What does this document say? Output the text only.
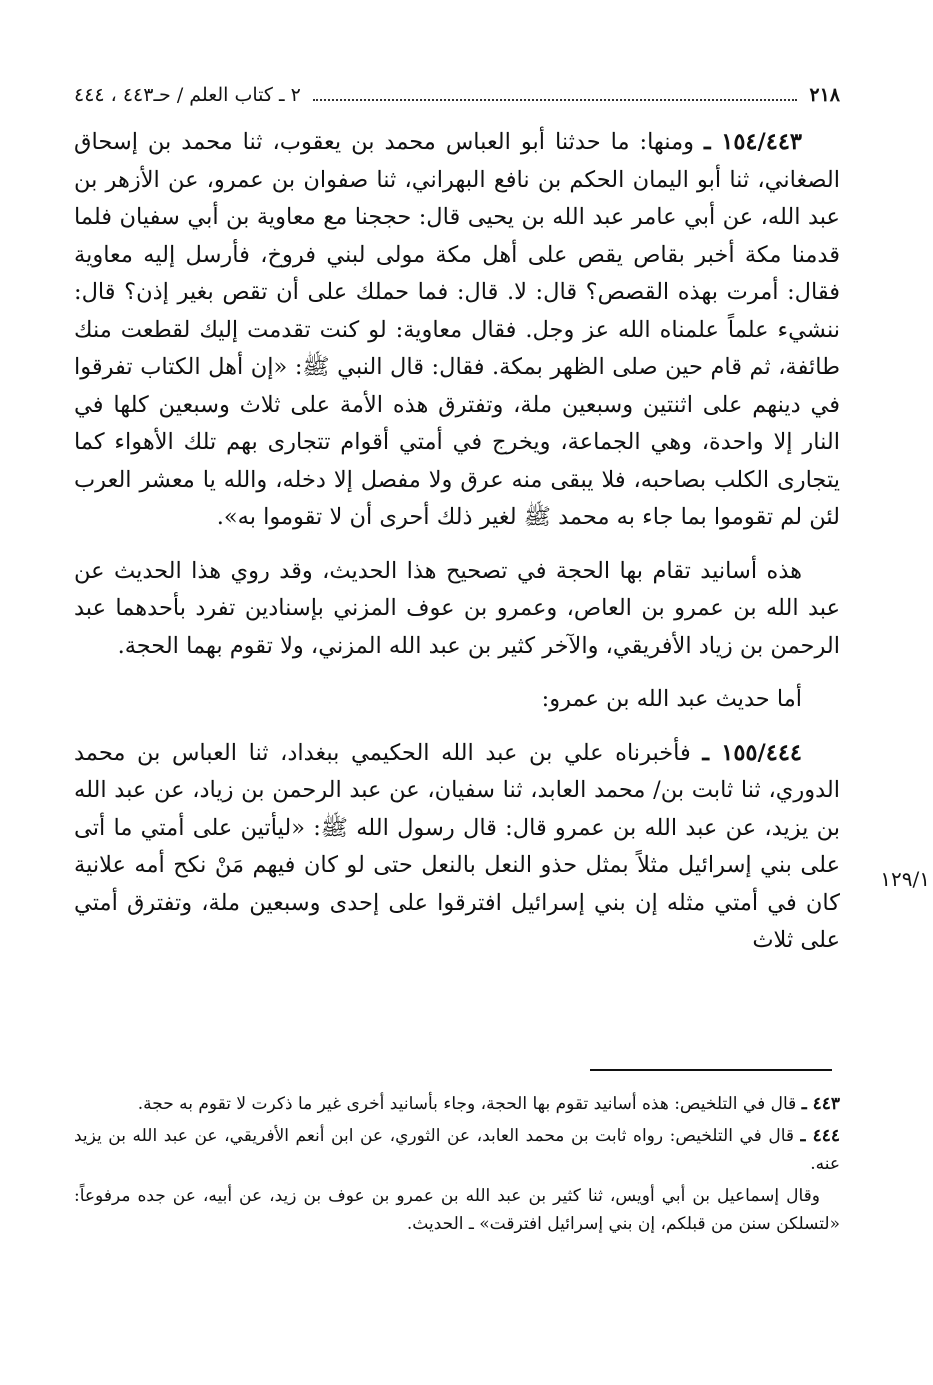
٢١٨
٢ ـ كتاب العلم / حـ٤٤٣ ، ٤٤٤

١٥٤/٤٤٣ ـ ومنها: ما حدثنا أبو العباس محمد بن يعقوب، ثنا محمد بن إسحاق الصغاني، ثنا أبو اليمان الحكم بن نافع البهراني، ثنا صفوان بن عمرو، عن الأزهر بن عبد الله، عن أبي عامر عبد الله بن يحيى قال: حججنا مع معاوية بن أبي سفيان فلما قدمنا مكة أخبر بقاص يقص على أهل مكة مولى لبني فروخ، فأرسل إليه معاوية فقال: أمرت بهذه القصص؟ قال: لا. قال: فما حملك على أن تقص بغير إذن؟ قال: ننشيء علماً علمناه الله عز وجل. فقال معاوية: لو كنت تقدمت إليك لقطعت منك طائفة، ثم قام حين صلى الظهر بمكة. فقال: قال النبي ﷺ: «إن أهل الكتاب تفرقوا في دينهم على اثنتين وسبعين ملة، وتفترق هذه الأمة على ثلاث وسبعين كلها في النار إلا واحدة، وهي الجماعة، ويخرج في أمتي أقوام تتجارى بهم تلك الأهواء كما يتجارى الكلب بصاحبه، فلا يبقى منه عرق ولا مفصل إلا دخله، والله يا معشر العرب لئن لم تقوموا بما جاء به محمد ﷺ لغير ذلك أحرى أن لا تقوموا به».

هذه أسانيد تقام بها الحجة في تصحيح هذا الحديث، وقد روي هذا الحديث عن عبد الله بن عمرو بن العاص، وعمرو بن عوف المزني بإسنادين تفرد بأحدهما عبد الرحمن بن زياد الأفريقي، والآخر كثير بن عبد الله المزني، ولا تقوم بهما الحجة.

أما حديث عبد الله بن عمرو:

١٥٥/٤٤٤ ـ فأخبرناه علي بن عبد الله الحكيمي ببغداد، ثنا العباس بن محمد الدوري، ثنا ثابت بن/ محمد العابد، ثنا سفيان، عن عبد الرحمن بن زياد، عن عبد الله بن يزيد، عن عبد الله بن عمرو قال: قال رسول الله ﷺ: «ليأتين على أمتي ما أتى على بني إسرائيل مثلاً بمثل حذو النعل بالنعل حتى لو كان فيهم مَنْ نكح أمه علانية كان في أمتي مثله إن بني إسرائيل افترقوا على إحدى وسبعين ملة، وتفترق أمتي على ثلاث

١٢٩/١

٤٤٣ ـ قال في التلخيص: هذه أسانيد تقوم بها الحجة، وجاء بأسانيد أخرى غير ما ذكرت لا تقوم به حجة.

٤٤٤ ـ قال في التلخيص: رواه ثابت بن محمد العابد، عن الثوري، عن ابن أنعم الأفريقي، عن عبد الله بن يزيد عنه.

وقال إسماعيل بن أبي أويس، ثنا كثير بن عبد الله بن عمرو بن عوف بن زيد، عن أبيه، عن جده مرفوعاً: «لتسلكن سنن من قبلكم، إن بني إسرائيل افترقت» ـ الحديث.
